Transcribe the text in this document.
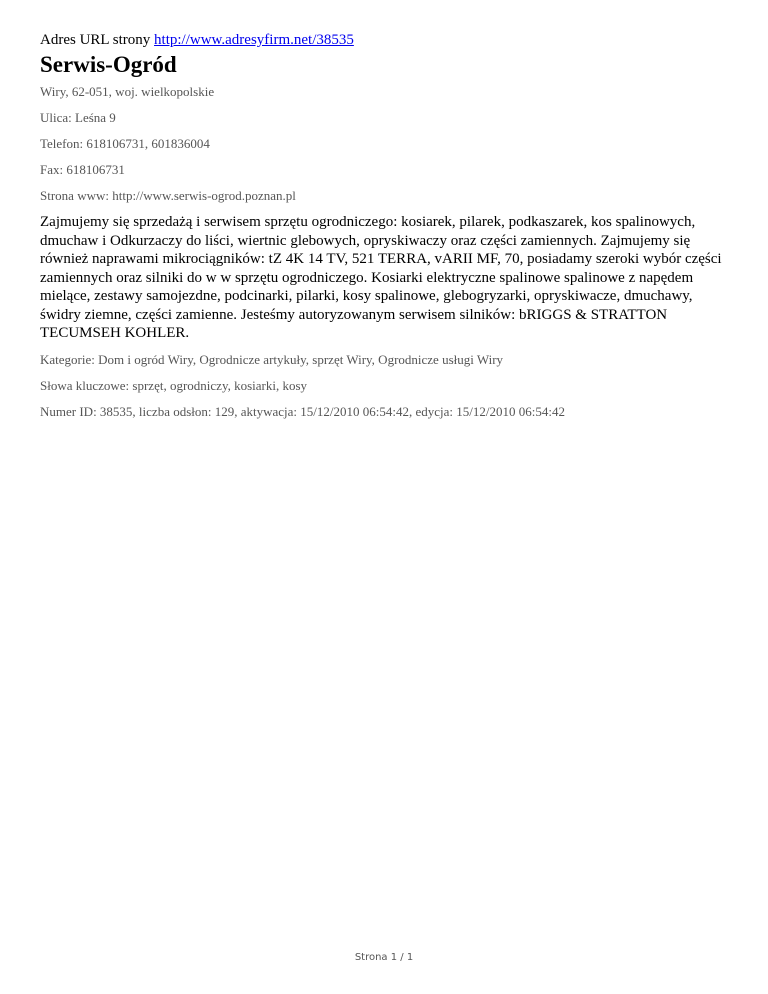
Adres URL strony http://www.adresyfirm.net/38535

Serwis-Ogród

Wiry, 62-051, woj. wielkopolskie

Ulica: Leśna 9

Telefon: 618106731, 601836004

Fax: 618106731

Strona www: http://www.serwis-ogrod.poznan.pl

Zajmujemy się sprzedażą i serwisem sprzętu ogrodniczego: kosiarek, pilarek, podkaszarek, kos spalinowych, dmuchaw i Odkurzaczy do liści, wiertnic glebowych, opryskiwaczy oraz części zamiennych. Zajmujemy się również naprawami mikrociągników: tZ 4K 14 TV, 521 TERRA, vARII MF, 70, posiadamy szeroki wybór części zamiennych oraz silniki do w w sprzętu ogrodniczego. Kosiarki elektryczne spalinowe spalinowe z napędem mielące, zestawy samojezdne, podcinarki, pilarki, kosy spalinowe, glebogryzarki, opryskiwacze, dmuchawy, świdry ziemne, części zamienne. Jesteśmy autoryzowanym serwisem silników: bRIGGS & STRATTON TECUMSEH KOHLER.

Kategorie: Dom i ogród Wiry, Ogrodnicze artykuły, sprzęt Wiry, Ogrodnicze usługi Wiry

Słowa kluczowe: sprzęt, ogrodniczy, kosiarki, kosy

Numer ID: 38535, liczba odsłon: 129, aktywacja: 15/12/2010 06:54:42, edycja: 15/12/2010 06:54:42

Strona 1 / 1
